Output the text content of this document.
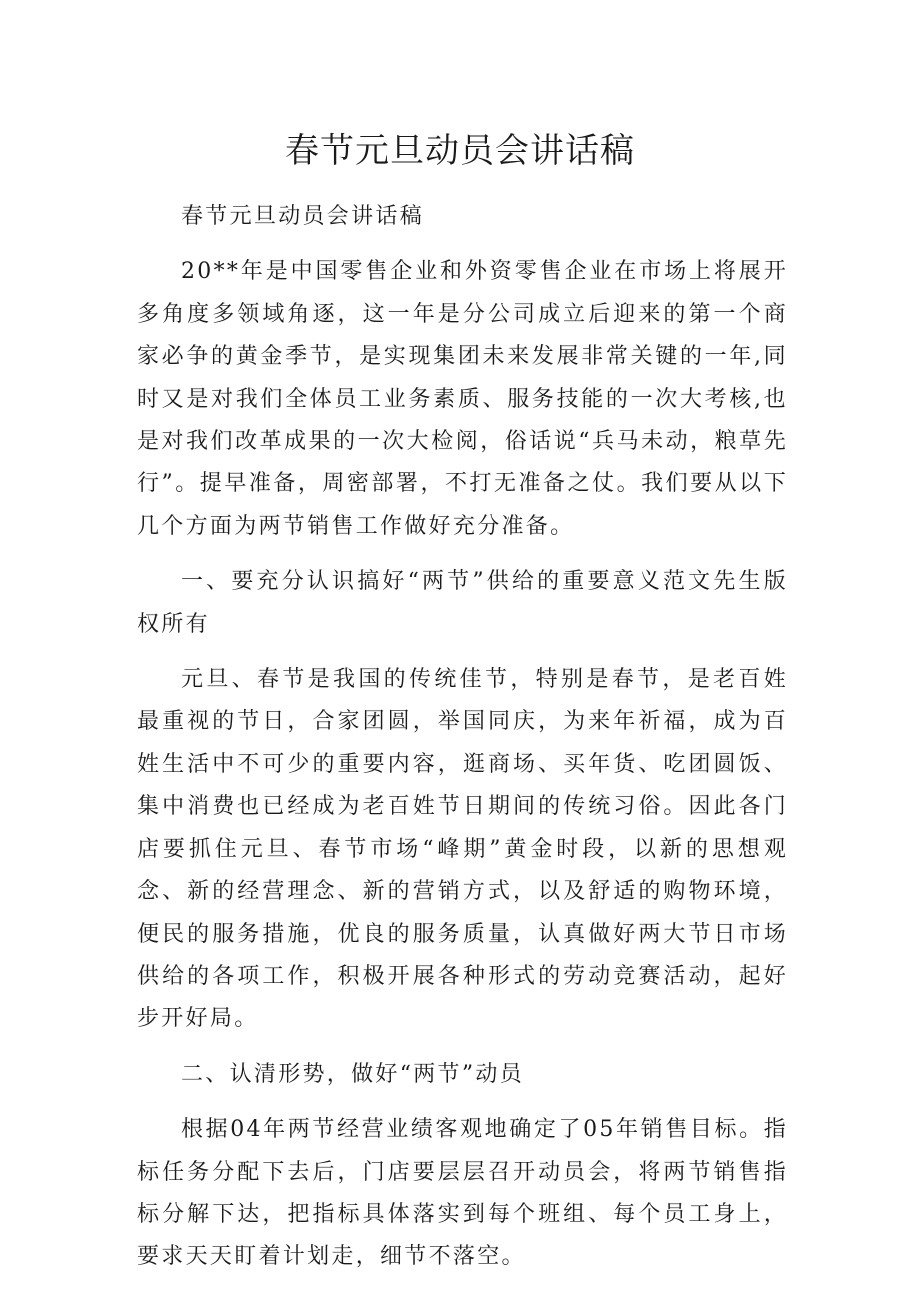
春节元旦动员会讲话稿

春节元旦动员会讲话稿

20**年是中国零售企业和外资零售企业在市场上将展开多角度多领域角逐，这一年是分公司成立后迎来的第一个商家必争的黄金季节，是实现集团未来发展非常关键的一年,同时又是对我们全体员工业务素质、服务技能的一次大考核,也是对我们改革成果的一次大检阅，俗话说“兵马未动，粮草先行”。提早准备，周密部署，不打无准备之仗。我们要从以下几个方面为两节销售工作做好充分准备。

一、要充分认识搞好“两节”供给的重要意义范文先生版权所有

元旦、春节是我国的传统佳节，特别是春节，是老百姓最重视的节日，合家团圆，举国同庆，为来年祈福，成为百姓生活中不可少的重要内容，逛商场、买年货、吃团圆饭、集中消费也已经成为老百姓节日期间的传统习俗。因此各门店要抓住元旦、春节市场“峰期”黄金时段，以新的思想观念、新的经营理念、新的营销方式，以及舒适的购物环境，便民的服务措施，优良的服务质量，认真做好两大节日市场供给的各项工作，积极开展各种形式的劳动竞赛活动，起好步开好局。

二、认清形势，做好“两节”动员

根据04年两节经营业绩客观地确定了05年销售目标。指标任务分配下去后，门店要层层召开动员会，将两节销售指标分解下达，把指标具体落实到每个班组、每个员工身上，要求天天盯着计划走，细节不落空。
